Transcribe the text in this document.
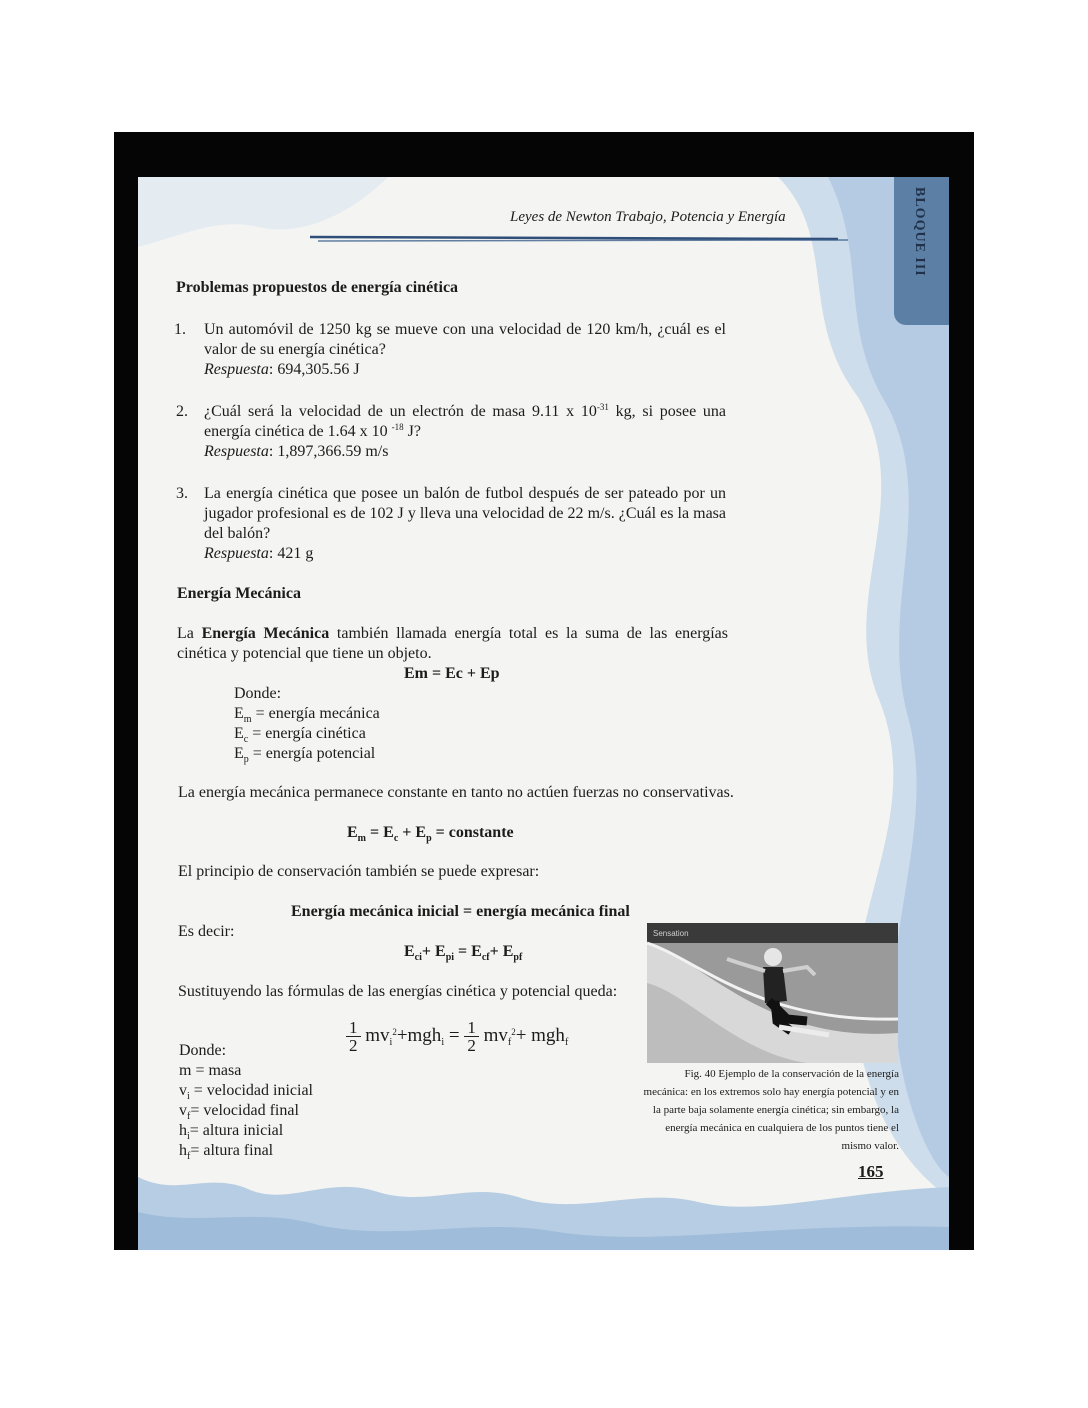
BLOQUE III
Leyes de Newton Trabajo, Potencia y Energía
Problemas propuestos de energía cinética
1. Un automóvil de 1250 kg se mueve con una velocidad de 120 km/h, ¿cuál es el valor de su energía cinética?
Respuesta: 694,305.56 J
2. ¿Cuál será la velocidad de un electrón de masa 9.11 x $10^{-31}$ kg, si posee una energía cinética de 1.64 x 10 $^{-18}$ J?
Respuesta: 1,897,366.59 m/s
3. La energía cinética que posee un balón de futbol después de ser pateado por un jugador profesional es de 102 J y lleva una velocidad de 22 m/s. ¿Cuál es la masa del balón?
Respuesta: 421 g
Energía Mecánica
La Energía Mecánica también llamada energía total es la suma de las energías cinética y potencial que tiene un objeto.
Em = Ec + Ep
Donde:
$E_m$ = energía mecánica
$E_c$ = energía cinética
$E_p$ = energía potencial
La energía mecánica permanece constante en tanto no actúen fuerzas no conservativas.
$E_m = E_c + E_p$ = constante
El principio de conservación también se puede expresar:
Energía mecánica inicial = energía mecánica final
Es decir:
$E_{ci}+ E_{pi} = E_{cf}+ E_{pf}$
Sustituyendo las fórmulas de las energías cinética y potencial queda:
$\frac{1}{2} mv_i^2+mgh_i = \frac{1}{2} mv_f^2+ mgh_f$
Donde:
m = masa
$v_i$ = velocidad inicial
$v_f=$ velocidad final
$h_i=$ altura inicial
$h_f=$ altura final
Sensation
Fig. 40 Ejemplo de la conservación de la energía mecánica: en los extremos solo hay energía potencial y en la parte baja solamente energía cinética; sin embargo, la energía mecánica en cualquiera de los puntos tiene el mismo valor.
165
